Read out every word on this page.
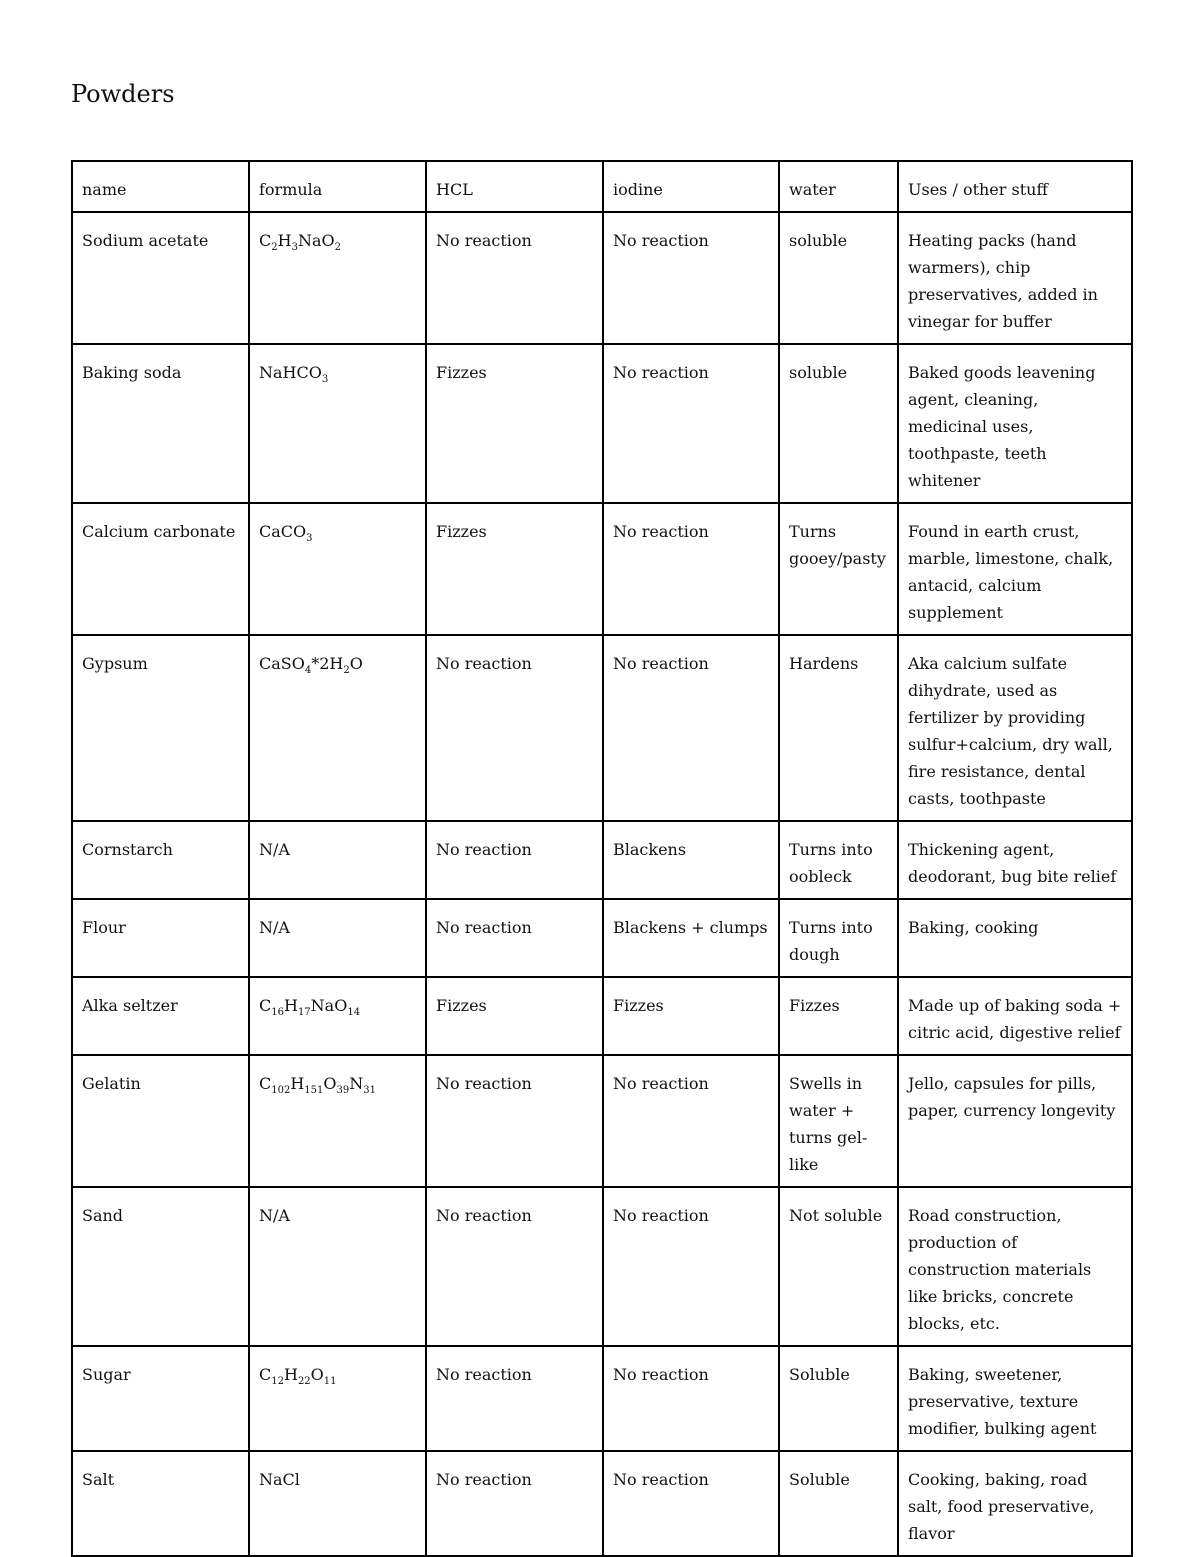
Powders
name	formula	HCL	iodine	water	Uses / other stuff
Sodium acetate	$C_2H_3NaO_2$	No reaction	No reaction	soluble	Heating packs (hand warmers), chip preservatives, added in vinegar for buffer
Baking soda	NaHCO$_3$	Fizzes	No reaction	soluble	Baked goods leavening agent, cleaning, medicinal uses, toothpaste, teeth whitener
Calcium carbonate	CaCO$_3$	Fizzes	No reaction	Turns gooey/pasty	Found in earth crust, marble, limestone, chalk, antacid, calcium supplement
Gypsum	$CaSO_4*2H_2O$	No reaction	No reaction	Hardens	Aka calcium sulfate dihydrate, used as fertilizer by providing sulfur+calcium, dry wall, fire resistance, dental casts, toothpaste
Cornstarch	N/A	No reaction	Blackens	Turns into oobleck	Thickening agent, deodorant, bug bite relief
Flour	N/A	No reaction	Blackens + clumps	Turns into dough	Baking, cooking
Alka seltzer	$C_{16}H_{17}NaO_{14}$	Fizzes	Fizzes	Fizzes	Made up of baking soda + citric acid, digestive relief
Gelatin	$C_{102}H_{151}O_{39}N_{31}$	No reaction	No reaction	Swells in water + turns gel-like	Jello, capsules for pills, paper, currency longevity
Sand	N/A	No reaction	No reaction	Not soluble	Road construction, production of construction materials like bricks, concrete blocks, etc.
Sugar	$C_{12}H_{22}O_{11}$	No reaction	No reaction	Soluble	Baking, sweetener, preservative, texture modifier, bulking agent
Salt	NaCl	No reaction	No reaction	Soluble	Cooking, baking, road salt, food preservative, flavor
